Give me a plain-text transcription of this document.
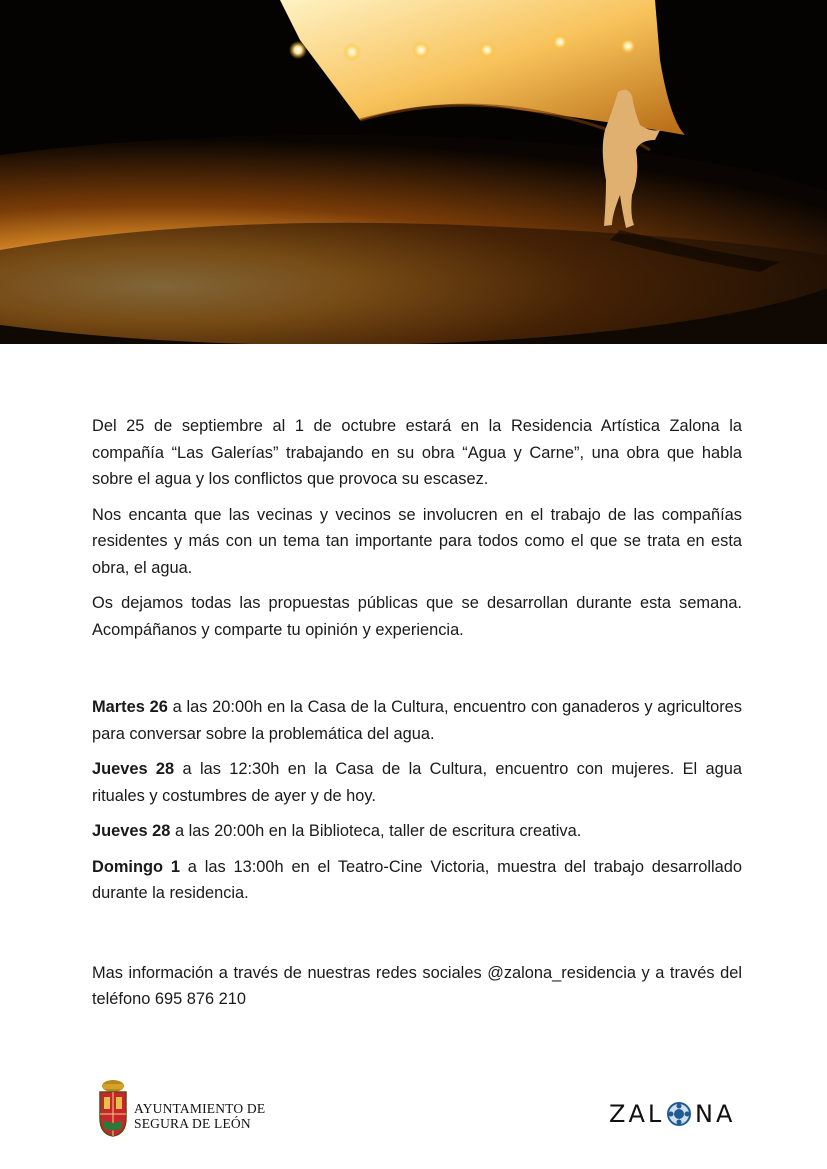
Del 25 de septiembre al 1 de octubre estará en la Residencia Artística Zalona la compañía “Las Galerías” trabajando en su obra “Agua y Carne”, una obra que habla sobre el agua y los conflictos que provoca su escasez.

Nos encanta que las vecinas y vecinos se involucren en el trabajo de las compañías residentes y más con un tema tan importante para todos como el que se trata en esta obra, el agua.

Os dejamos todas las propuestas públicas que se desarrollan durante esta semana. Acompáñanos y comparte tu opinión y experiencia.

Martes 26 a las 20:00h en la Casa de la Cultura, encuentro con ganaderos y agricultores para conversar sobre la problemática del agua.

Jueves 28 a las 12:30h en la Casa de la Cultura, encuentro con mujeres. El agua rituales y costumbres de ayer y de hoy.

Jueves 28 a las 20:00h en la Biblioteca, taller de escritura creativa.

Domingo 1 a las 13:00h en el Teatro-Cine Victoria, muestra del trabajo desarrollado durante la residencia.

Mas información a través de nuestras redes sociales @zalona_residencia y a través del teléfono 695 876 210

AYUNTAMIENTO DE
SEGURA DE LEÓN	ZAL NA
